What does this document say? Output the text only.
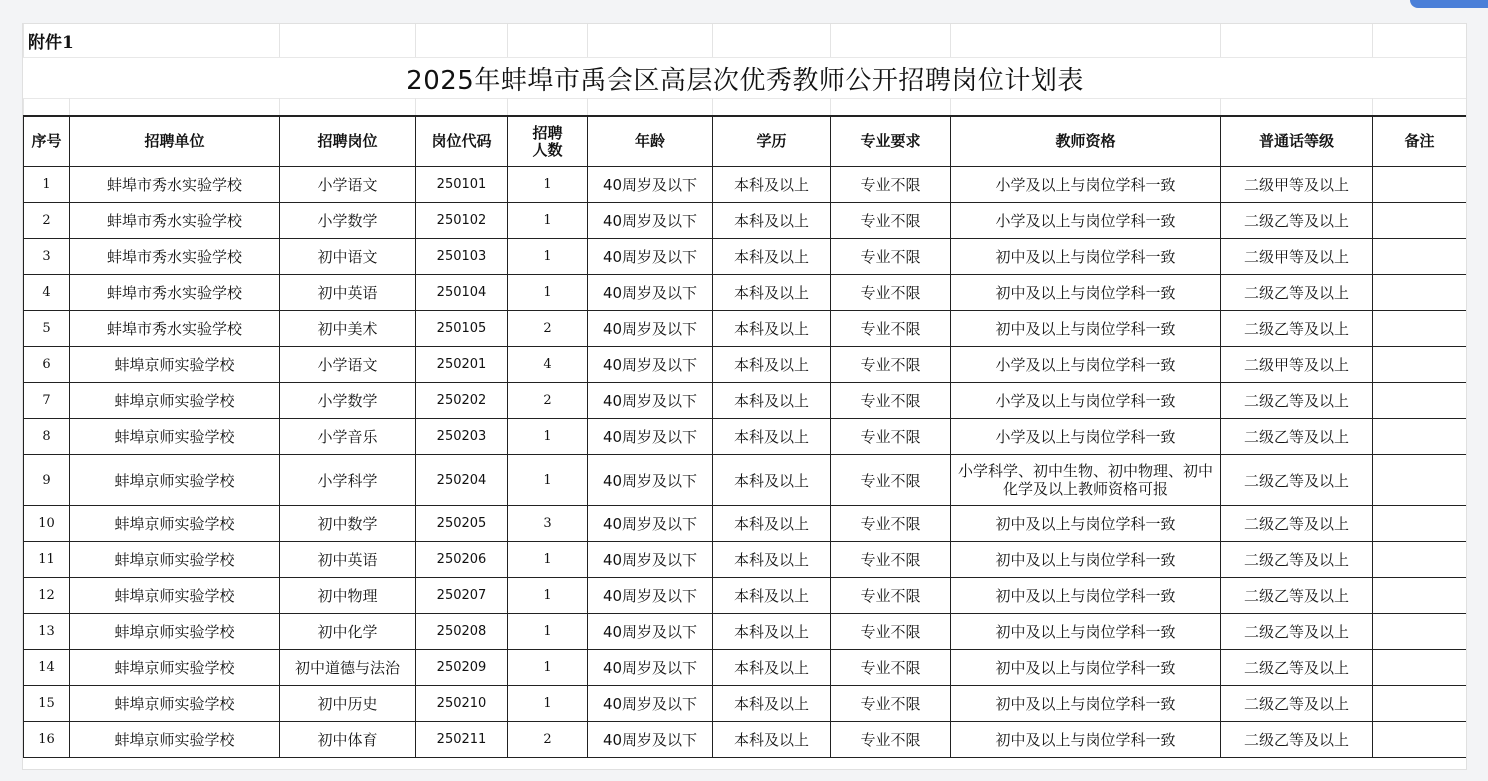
附件1										
2025年蚌埠市禹会区高层次优秀教师公开招聘岗位计划表										

序号	招聘单位	招聘岗位	岗位代码	招聘人数	年龄	学历	专业要求	教师资格	普通话等级	备注
1	蚌埠市秀水实验学校	小学语文	250101	1	40周岁及以下	本科及以上	专业不限	小学及以上与岗位学科一致	二级甲等及以上	
2	蚌埠市秀水实验学校	小学数学	250102	1	40周岁及以下	本科及以上	专业不限	小学及以上与岗位学科一致	二级乙等及以上	
3	蚌埠市秀水实验学校	初中语文	250103	1	40周岁及以下	本科及以上	专业不限	初中及以上与岗位学科一致	二级甲等及以上	
4	蚌埠市秀水实验学校	初中英语	250104	1	40周岁及以下	本科及以上	专业不限	初中及以上与岗位学科一致	二级乙等及以上	
5	蚌埠市秀水实验学校	初中美术	250105	2	40周岁及以下	本科及以上	专业不限	初中及以上与岗位学科一致	二级乙等及以上	
6	蚌埠京师实验学校	小学语文	250201	4	40周岁及以下	本科及以上	专业不限	小学及以上与岗位学科一致	二级甲等及以上	
7	蚌埠京师实验学校	小学数学	250202	2	40周岁及以下	本科及以上	专业不限	小学及以上与岗位学科一致	二级乙等及以上	
8	蚌埠京师实验学校	小学音乐	250203	1	40周岁及以下	本科及以上	专业不限	小学及以上与岗位学科一致	二级乙等及以上	
9	蚌埠京师实验学校	小学科学	250204	1	40周岁及以下	本科及以上	专业不限	小学科学、初中生物、初中物理、初中化学及以上教师资格可报	二级乙等及以上	
10	蚌埠京师实验学校	初中数学	250205	3	40周岁及以下	本科及以上	专业不限	初中及以上与岗位学科一致	二级乙等及以上	
11	蚌埠京师实验学校	初中英语	250206	1	40周岁及以下	本科及以上	专业不限	初中及以上与岗位学科一致	二级乙等及以上	
12	蚌埠京师实验学校	初中物理	250207	1	40周岁及以下	本科及以上	专业不限	初中及以上与岗位学科一致	二级乙等及以上	
13	蚌埠京师实验学校	初中化学	250208	1	40周岁及以下	本科及以上	专业不限	初中及以上与岗位学科一致	二级乙等及以上	
14	蚌埠京师实验学校	初中道德与法治	250209	1	40周岁及以下	本科及以上	专业不限	初中及以上与岗位学科一致	二级乙等及以上	
15	蚌埠京师实验学校	初中历史	250210	1	40周岁及以下	本科及以上	专业不限	初中及以上与岗位学科一致	二级乙等及以上	
16	蚌埠京师实验学校	初中体育	250211	2	40周岁及以下	本科及以上	专业不限	初中及以上与岗位学科一致	二级乙等及以上	
